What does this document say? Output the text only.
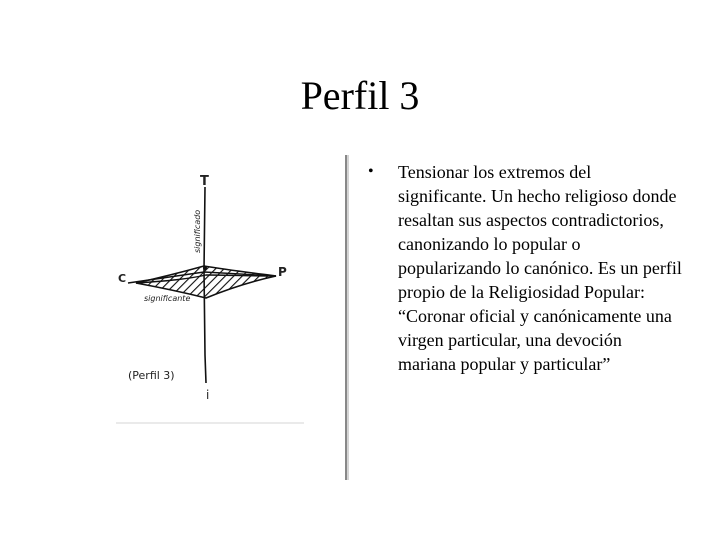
Perfil 3
T
C	P
i
significado
significante
(Perfil 3)
• Tensionar los extremos del significante. Un hecho religioso donde resaltan sus aspectos contradictorios, canonizando lo popular o popularizando lo canónico. Es un perfil propio de la Religiosidad Popular: “Coronar oficial y canónicamente una virgen particular, una devoción mariana popular y particular”
